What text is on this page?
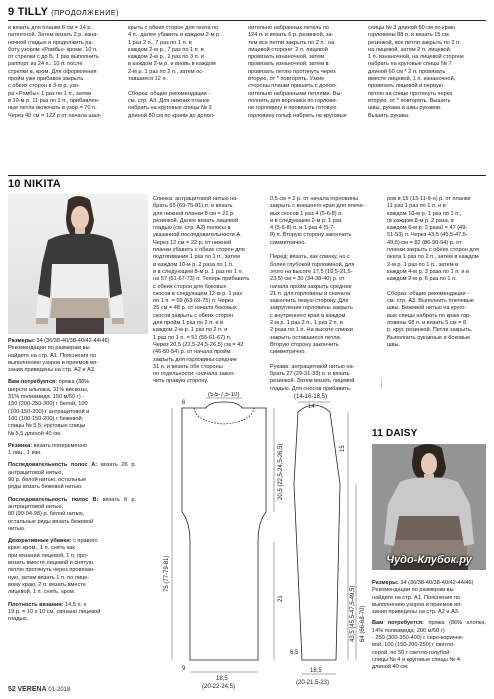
9 TILLY (ПРОДОЛЖЕНИЕ)
и вязать для планки 6 см = 14 р.
патентной. Затем вязать 2 р. изна-
ночной гладью и продолжить ра-
боту узором «Ромбы» кроме, 10 п.
от стрелки с до Б, 1 раз выполнить
раппорт из 24 п., 10 п. после
стрелки в, кром. Для оформления
пройм уже прибавок закрыть
с обеих сторон в 3-м р. узо-
ра «Ромбы» 1 раз по 1 п., затем
в 10-м р. 11 раз по 1 п., прибавлен-
ные петли включать в узор = 70 п.
Через 40 см = 122 р от начала шал-
крыть с обеих сторон для оката по
4 п., далее убавить в каждом 2-м р.
1 раз 2 п., 7 раз по 1 п. в
каждом 2-м р., 7 раз по 1 п. в
каждом 2-м р., 2 раз по 3 п. и
в каждом 2-м р. и вновь в каждом
2-м р. 1 раз по 2 п., затем ос-
тавшиеся 12 п.

Сборка: общие рекомендации -
см. стр. А3. Для нижних планок
набрать на круговые спицы № 3
длиной 80 см по краям до допол-
нительно набранных петель по
124 п. и вязать 6 р. резинкой, за-
тем все петли закрыть по 2 п.: на
лицевой стороне: 2 п. лицевой
провязать изнаночной, затем
провязать изнаночной, затем в
провязать петлю протянуть через
вторую, от * повторять. Узкие
стороны планки пришить с допол-
нительно набранными петлями. Вы-
полнить для вороника по горлови-
не горловину и провязать готовую
горловину гольф набрать на круговые
спицы № 3 длиной 60 см по краю
горловины 88 п. и вязать 15 см
резинкой, все петли закрыть по 2 п.
на лицевой, затем 2 п. лицевой,
1 п. изнаночной, на лицевой стороне
набрать на круговые спицы № 7
длиной 60 см * 2 п. провязать
вместе лицевой, 1 п. изнаночной,
провязать лицевой и первую
петлю на спице протянуть через
вторую, от * повторять. Вышить
швы, рукава и швы рукавов.
Вышить рукава.
10 NIKITA
Размеры: 34 (36/38-40/38-40/42-44/46)
Рекомендации по размерам вы
найдете на стр. А1. Пояснения по
выполнению узоров и приемов вя-
зания приведены на стр. А2 и А3.
Вам потребуется: пряжа (38%
шерсти альпака, 31% вискозы,
31% полиамида; 150 м/50 г) -
150 (200-250-300) г белой, 100
(100-150-200) г антрацитовой и
100 (100-150-200) г бежевой;
спицы № 5,5; круговые спицы
№ 5,5 длиной 40 см.
Резинка: вязать попеременно
1 лиц., 1 изн.
Последовательность полос А: вязать 26 р. антрацитовой нитью,
90 р. белой нитью, остальные
ряды вязать бежевой нитью.
Последовательность полос В: вязать 8 р. антрацитовой нитью,
80 (90-94-98) р. белой нитью,
остальные ряды вязать бежевой
нитью.
Декоративные убавки: с правого
края: кром., 1 п. снять как
при вязании лицевой, 1 п. про-
вязать вместе лицевой и снятую
петлю протянуть через провязан-
ную, затем вязать 1 п. по лице-
вому краю, 2 п. вязать вместе
лицевой, 1 п. снять, кром.
Плотность вязания: 14,5 п. x
19 р. = 10 x 10 см, связано лицевой
гладью.
Спинка: антрацитовой нитью на-
брать 65 (69-75-81) п. и вязать
для нижней планки 8 см = 21 р.
резинкой. Далее вязать лицевой
гладью (см. стр. А2) полосы в
указанной последовательности А.
Через 12 см = 22 р. от нижней
планки убавить с обеих сторон для
подтягивания 1 раз по 1 п., затем
в каждом 10-м р. 2 раза по 1 п.
и в следующем 8-м р. 1 раз по 1 п.
на 57 (61-67-73) п. Теперь прибавить
с обеих сторон для боковых
скосов в следующем 12-м р. 1 раз
по 1 п. = 59 (63-69-75) п. Через
25 см = 48 р. от начала боковых
скосов закрыть с обеих сторон
для пройм 1 раз по 2 п. и в
каждом 2-м р. 1 раз по 2 п. и
1 раз по 1 п. = 51 (55-61-67) п.
Через 20,5 (22,5-24,5-26,5) см = 42
(46-50-54) р. от начала пройм
закрыть для горловины средние
31 п. и вязать обе стороны
по отдельности: сначала закон-
чить правую сторону.
0,5 см = 2 р. от начала горловины
закрыть с внешнего края для плече-
вых скосов 1 раз 4 (5-6-8) п.
и в следующем 2-м р. 1 раз
4 (5-6-8) п. и 1 раз 4 (5-7-
8) п. Вторую сторону закончить
симметрично.

Перед: вязать, как спинку, но с
более глубокой горловиной, для
этого на высоте 17,5 (19,5-21,5-
23,5) см = 30 (34-38-40) р. от
начала пройм закрыть средние
21 п. для горловины и сначала
закончить левую сторону. Для
закругления горловины закрыть
с внутреннего края в каждом
2-м р. 1 раз 2 п., 1 раз 2 п. и
2 раза по 1 п. На высоте спинки
закрыть оставшиеся петли.
Вторую сторону закончить
симметрично.

Рукава: антрацитовой нитью на-
брать 27 (29-31-33) п. и вязать
резинкой. Затем вязать лицевой
гладью. Для сносов прибавить.
ров в 15 (13-11-9-н) р. от планки
11 раз 1 раз по 1 п. и в
каждом 10-м р. 1 раз по 1 п.,
(в каждом 8-м р. 2 раза, в
каждом 6-м р. 2 раза) = 47 (49-
51-53) п. Через 43,5 (45,5-47,5-
49,5) см = 82 (86-90-94) р. от
планки закрыть с обеих сторон для
оката 1 раз по 2 п., затем в каждом
2-м р. 1 раз по 1 п., затем в
каждом 4-м р. 3 раза по 1 п. и в
каждом 2-м р. 6 раз по 1 п.

Сборка: общие рекомендации -
см. стр. А3. Выполнить плечевые
швы. Бежевой нитью на круго-
вые спицы набрать по краю гор-
ловины 68 п. и вязать 5 см = 8
р. круг. резинкой. Петли закрыть.
Выполнить рукавные и боковые
швы.
(5,5-7,5-10)
6
20,5 (22,5-24,5-26,5)
21
75 (77-79-81)
9
18,5
(20-22-24,5)
(14-16-18,5)
14
15
43,5 (45,5-47,5-49,5) 64 (66-68-70)
6,5
18,5
(20-21,5-23)
11 DAISY
Чудо-Клубок.ру
Размеры: 34 (36/38-40/38-40/42-44/46)
Рекомендации по размерам вы
найдете на стр. А1. Пояснения по
выполнению узоров и приемов вя-
зания приведены на стр. А2 и А3.
Вам потребуется: пряжа (86% хлопка, 14% полиамида; 200 м/50 г)
- 250 (300-350-400) г серо-коричне-
вой, 100 (150-200-250) г светло-
серой, по 50 г светло-голубой;
спицы № 4 и круговые спицы № 4
длиной 40 см.
52 VERENA 01-2018
